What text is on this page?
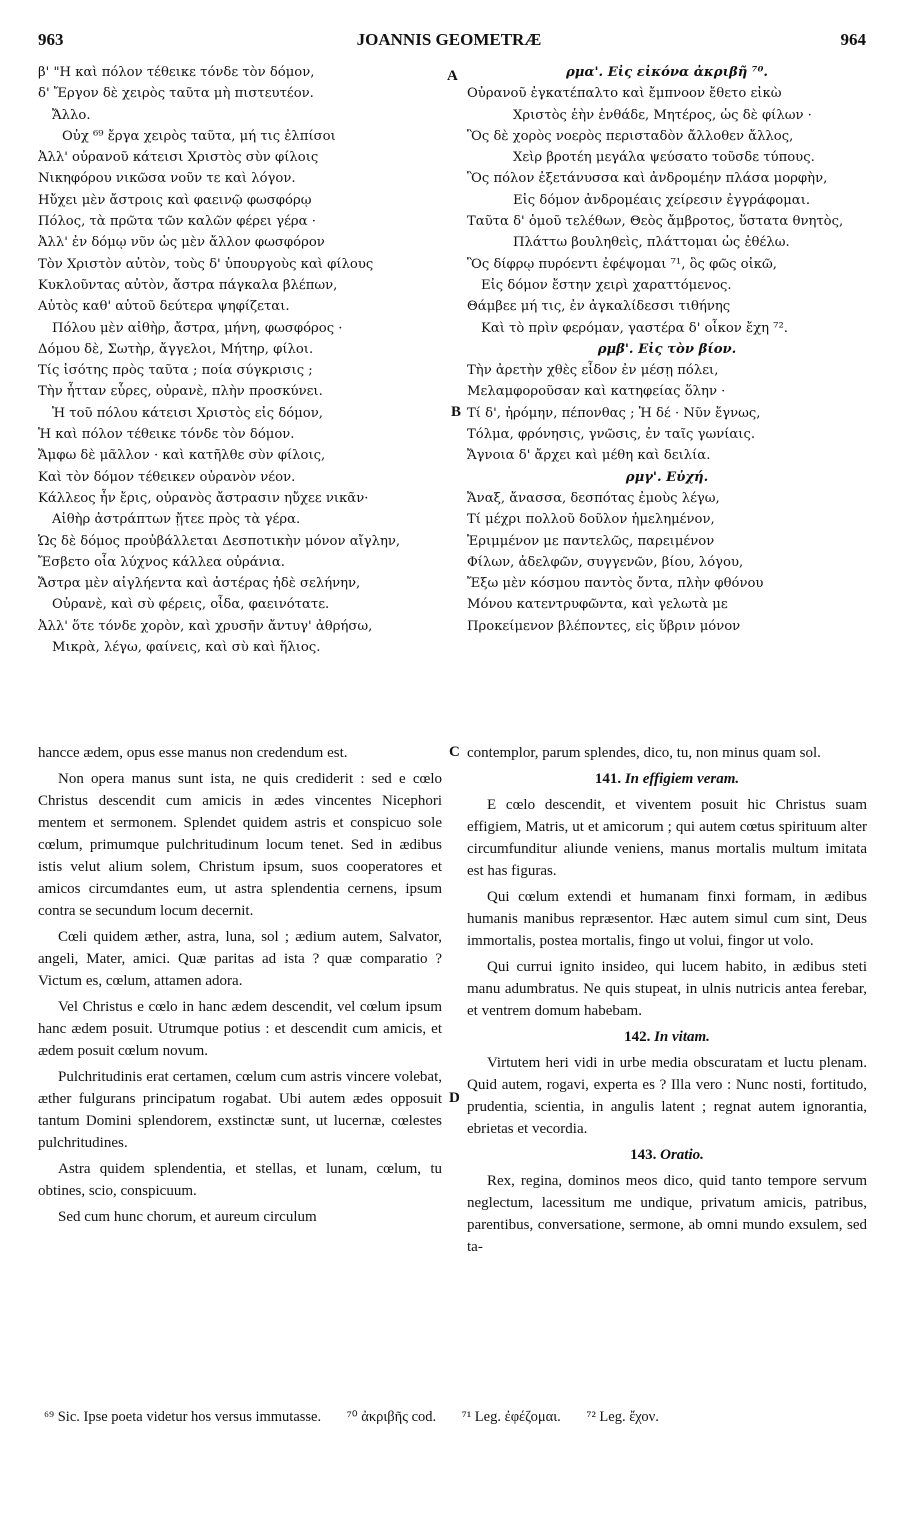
963	JOANNIS GEOMETRÆ	964
β' "Η καὶ πόλον τέθεικε τόνδε τὸν δόμον,
δ' Ἔργον δὲ χειρὸς ταῦτα μὴ πιστευτέον.
Ἄλλο.
Οὐχ ⁶⁹ ἔργα χειρὸς ταῦτα, μή τις ἐλπίσοι
Ἀλλ' οὐρανοῦ κάτεισι Χριστὸς σὺν φίλοις
Νικηφόρου νικῶσα νοῦν τε καὶ λόγον.
Ηὔχει μὲν ἄστροις καὶ φαεινῷ φωσφόρῳ
Πόλος, τὰ πρῶτα τῶν καλῶν φέρει γέρα ·
Ἀλλ' ἐν δόμῳ νῦν ὡς μὲν ἄλλον φωσφόρον
Τὸν Χριστὸν αὐτὸν, τοὺς δ' ὑπουργοὺς καὶ φίλους
Κυκλοῦντας αὐτὸν, ἄστρα πάγκαλα βλέπων,
Αὐτὸς καθ' αὑτοῦ δεύτερα ψηφίζεται.
Πόλου μὲν αἰθὴρ, ἄστρα, μήνη, φωσφόρος ·
Δόμου δὲ, Σωτὴρ, ἄγγελοι, Μήτηρ, φίλοι.
Τίς ἰσότης πρὸς ταῦτα ; ποία σύγκρισις ;
Τὴν ἧτταν εὗρες, οὐρανὲ, πλὴν προσκύνει.
Ἡ τοῦ πόλου κάτεισι Χριστὸς εἰς δόμον,
Ἡ καὶ πόλον τέθεικε τόνδε τὸν δόμον.
Ἄμφω δὲ μᾶλλον · καὶ κατῆλθε σὺν φίλοις,
Καὶ τὸν δόμον τέθεικεν οὐρανὸν νέον.
Κάλλεος ἦν ἔρις, οὐρανὸς ἄστρασιν ηὔχεε νικᾶν·
Αἰθὴρ ἀστράπτων ᾔτεε πρὸς τὰ γέρα.
Ὡς δὲ δόμος προὐβάλλεται Δεσποτικὴν μόνον αἴγλην,
Ἔσβετο οἷα λύχνος κάλλεα οὐράνια.
Ἄστρα μὲν αἰγλήεντα καὶ ἀστέρας ἠδὲ σελήνην,
Οὐρανὲ, καὶ σὺ φέρεις, οἶδα, φαεινότατε.
Ἀλλ' ὅτε τόνδε χορὸν, καὶ χρυσῆν ἄντυγ' ἀθρήσω,
Μικρὰ, λέγω, φαίνεις, καὶ σὺ καὶ ἥλιος.
ρμα'. Εἰς εἰκόνα ἀκριβῆ ⁷⁰.
Οὐρανοῦ ἐγκατέπαλτο καὶ ἔμπνοον ἔθετο εἰκὼ
Χριστὸς ἑὴν ἐνθάδε, Μητέρος, ὡς δὲ φίλων ·
Ὃς δὲ χορὸς νοερὸς περισταδὸν ἄλλοθεν ἄλλος,
Χεὶρ βροτέη μεγάλα ψεύσατο τοῦσδε τύπους.
Ὃς πόλον ἐξετάνυσσα καὶ ἀνδρομέην πλάσα μορφὴν,
Εἰς δόμον ἀνδρομέαις χείρεσιν ἐγγράφομαι.
Ταῦτα δ' ὁμοῦ τελέθων, Θεὸς ἄμβροτος, ὕστατα θνητὸς,
Πλάττω βουληθεὶς, πλάττομαι ὡς ἐθέλω.
Ὃς δίφρῳ πυρόεντι ἐφέψομαι ⁷¹, ὃς φῶς οἰκῶ,
Εἰς δόμον ἔστην χειρὶ χαραττόμενος.
Θάμβεε μή τις, ἐν ἀγκαλίδεσσι τιθήνης
Καὶ τὸ πρὶν φερόμαν, γαστέρα δ' οἶκον ἔχη ⁷².
ρμβ'. Εἰς τὸν βίον.
Τὴν ἀρετὴν χθὲς εἶδον ἐν μέσῃ πόλει,
Μελαμφοροῦσαν καὶ κατηφείας ὅλην ·
Τί δ', ἠρόμην, πέπονθας ; Ἡ δέ · Νῦν ἔγνως,
Τόλμα, φρόνησις, γνῶσις, ἐν ταῖς γωνίαις.
Ἄγνοια δ' ἄρχει καὶ μέθη καὶ δειλία.
ρμγ'. Εὐχή.
Ἄναξ, ἄνασσα, δεσπότας ἐμοὺς λέγω,
Τί μέχρι πολλοῦ δοῦλον ἠμελημένον,
Ἐριμμένον με παντελῶς, παρειμένον
Φίλων, ἀδελφῶν, συγγενῶν, βίου, λόγου,
Ἔξω μὲν κόσμου παντὸς ὄντα, πλὴν φθόνου
Μόνου κατεντρυφῶντα, καὶ γελωτὰ με
Προκείμενον βλέποντες, εἰς ὕβριν μόνον
A
B
C
D

hancce ædem, opus esse manus non credendum est.

Non opera manus sunt ista, ne quis crediderit : sed e cœlo Christus descendit cum amicis in ædes vincentes Nicephori mentem et sermonem. Splendet quidem astris et conspicuo sole cœlum, primumque pulchritudinum locum tenet. Sed in ædibus istis velut alium solem, Christum ipsum, suos cooperatores et amicos circumdantes eum, ut astra splendentia cernens, ipsum contra se secundum locum decernit.

Cœli quidem æther, astra, luna, sol ; ædium autem, Salvator, angeli, Mater, amici. Quæ paritas ad ista ? quæ comparatio ? Victum es, cœlum, attamen adora.

Vel Christus e cœlo in hanc ædem descendit, vel cœlum ipsum hanc ædem posuit. Utrumque potius : et descendit cum amicis, et ædem posuit cœlum novum.

Pulchritudinis erat certamen, cœlum cum astris vincere volebat, æther fulgurans principatum rogabat. Ubi autem ædes opposuit tantum Domini splendorem, exstinctæ sunt, ut lucernæ, cœlestes pulchritudines.

Astra quidem splendentia, et stellas, et lunam, cœlum, tu obtines, scio, conspicuum.

Sed cum hunc chorum, et aureum circulum

contemplor, parum splendes, dico, tu, non minus quam sol.

141. In effigiem veram.

E cœlo descendit, et viventem posuit hic Christus suam effigiem, Matris, ut et amicorum ; qui autem cœtus spirituum alter circumfunditur aliunde veniens, manus mortalis multum imitata est has figuras.

Qui cœlum extendi et humanam finxi formam, in ædibus humanis manibus repræsentor. Hæc autem simul cum sint, Deus immortalis, postea mortalis, fingo ut volui, fingor ut volo.

Qui currui ignito insideo, qui lucem habito, in ædibus steti manu adumbratus. Ne quis stupeat, in ulnis nutricis antea ferebar, et ventrem domum habebam.

142. In vitam.

Virtutem heri vidi in urbe media obscuratam et luctu plenam. Quid autem, rogavi, experta es ? Illa vero : Nunc nosti, fortitudo, prudentia, scientia, in angulis latent ; regnat autem ignorantia, ebrietas et vecordia.

143. Oratio.

Rex, regina, dominos meos dico, quid tanto tempore servum neglectum, lacessitum me undique, privatum amicis, patribus, parentibus, conversatione, sermone, ab omni mundo exsulem, sed ta-

⁶⁹ Sic. Ipse poeta videtur hos versus immutasse. ⁷⁰ ἀκριβῆς cod. ⁷¹ Leg. ἐφέζομαι. ⁷² Leg. ἔχον.
